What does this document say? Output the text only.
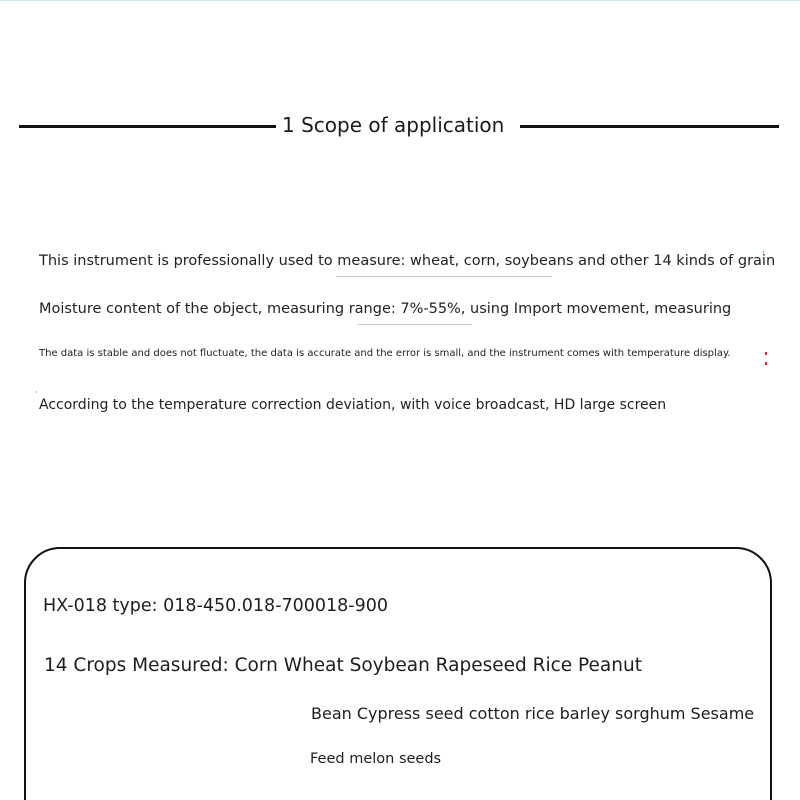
1 Scope of application
This instrument is professionally used to measure: wheat, corn, soybeans and other 14 kinds of grain
Moisture content of the object, measuring range: 7%-55%, using Import movement, measuring
The data is stable and does not fluctuate, the data is accurate and the error is small, and the instrument comes with temperature display.
According to the temperature correction deviation, with voice broadcast, HD large screen
HX-018 type: 018-450.018-700018-900
14 Crops Measured: Corn Wheat Soybean Rapeseed Rice Peanut
Bean Cypress seed cotton rice barley sorghum Sesame
Feed melon seeds
